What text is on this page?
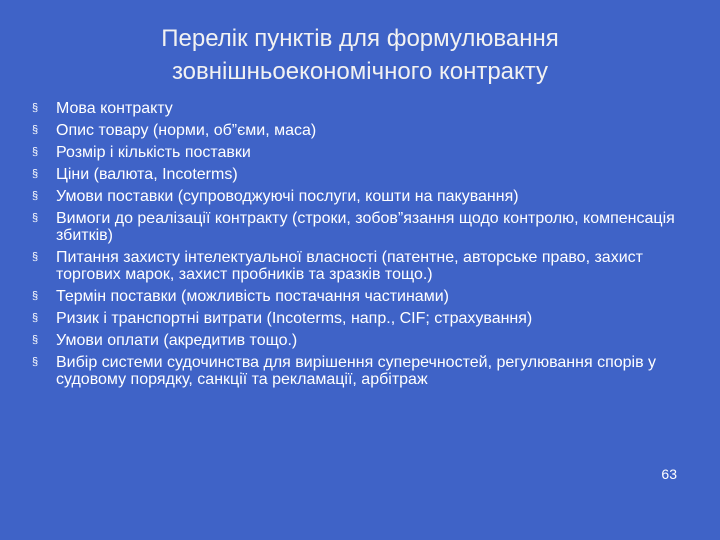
Перелік пунктів для формулювання
зовнішньоекономічного контракту
§
Мова контракту
§
Опис товару (норми, об”єми, маса)
§
Розмір і кількість поставки
§
Ціни (валюта, Incoterms)
§
Умови поставки (супроводжуючі послуги, кошти на пакування)
§
Вимоги до реалізації контракту (строки, зобов”язання щодо контролю, компенсація збитків)
§
Питання захисту інтелектуальної власності (патентне, авторське право, захист торгових марок, захист пробників та зразків тощо.)
§
Термін поставки (можливість постачання частинами)
§
Ризик і транспортні витрати (Incoterms, напр., CIF; страхування)
§
Умови оплати (акредитив тощо.)
§
Вибір системи судочинства для вирішення суперечностей, регулювання спорів у судовому порядку, санкції та рекламації, арбітраж
63
